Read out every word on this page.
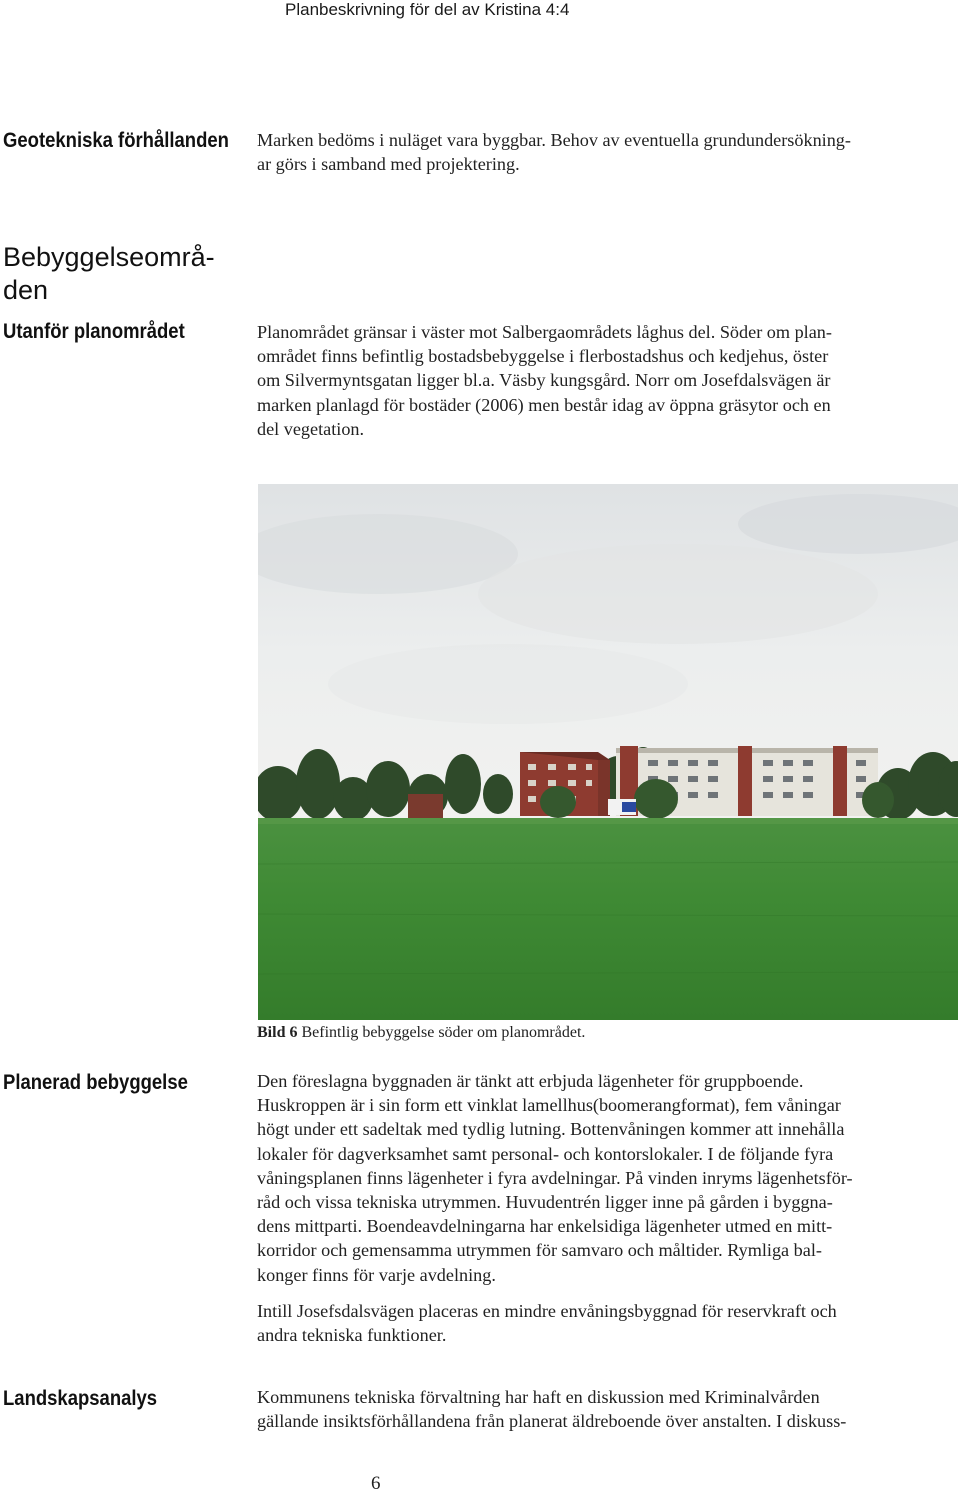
Planbeskrivning för del av Kristina 4:4
Geotekniska förhållanden Marken bedöms i nuläget vara byggbar. Behov av eventuella grundundersökning-
ar görs i samband med projektering.
Bebyggelseområ-
den
Utanför planområdet	Planområdet gränsar i väster mot Salbergaområdets låghus del. Söder om plan-
området finns befintlig bostadsbebyggelse i flerbostadshus och kedjehus, öster
om Silvermyntsgatan ligger bl.a. Väsby kungsgård. Norr om Josefdalsvägen är
marken planlagd för bostäder (2006) men består idag av öppna gräsytor och en
del vegetation.
Bild 6 Befintlig bebyggelse söder om planområdet.
Planerad bebyggelse	Den föreslagna byggnaden är tänkt att erbjuda lägenheter för gruppboende.
Huskroppen är i sin form ett vinklat lamellhus(boomerangformat), fem våningar
högt under ett sadeltak med tydlig lutning. Bottenvåningen kommer att innehålla
lokaler för dagverksamhet samt personal- och kontorslokaler. I de följande fyra
våningsplanen finns lägenheter i fyra avdelningar. På vinden inryms lägenhetsför-
råd och vissa tekniska utrymmen. Huvudentrén ligger inne på gården i byggna-
dens mittparti. Boendeavdelningarna har enkelsidiga lägenheter utmed en mitt-
korridor och gemensamma utrymmen för samvaro och måltider. Rymliga bal-
konger finns för varje avdelning.
Intill Josefsdalsvägen placeras en mindre envåningsbyggnad för reservkraft och
andra tekniska funktioner.
Landskapsanalys	Kommunens tekniska förvaltning har haft en diskussion med Kriminalvården
gällande insiktsförhållandena från planerat äldreboende över anstalten. I diskuss-
6
